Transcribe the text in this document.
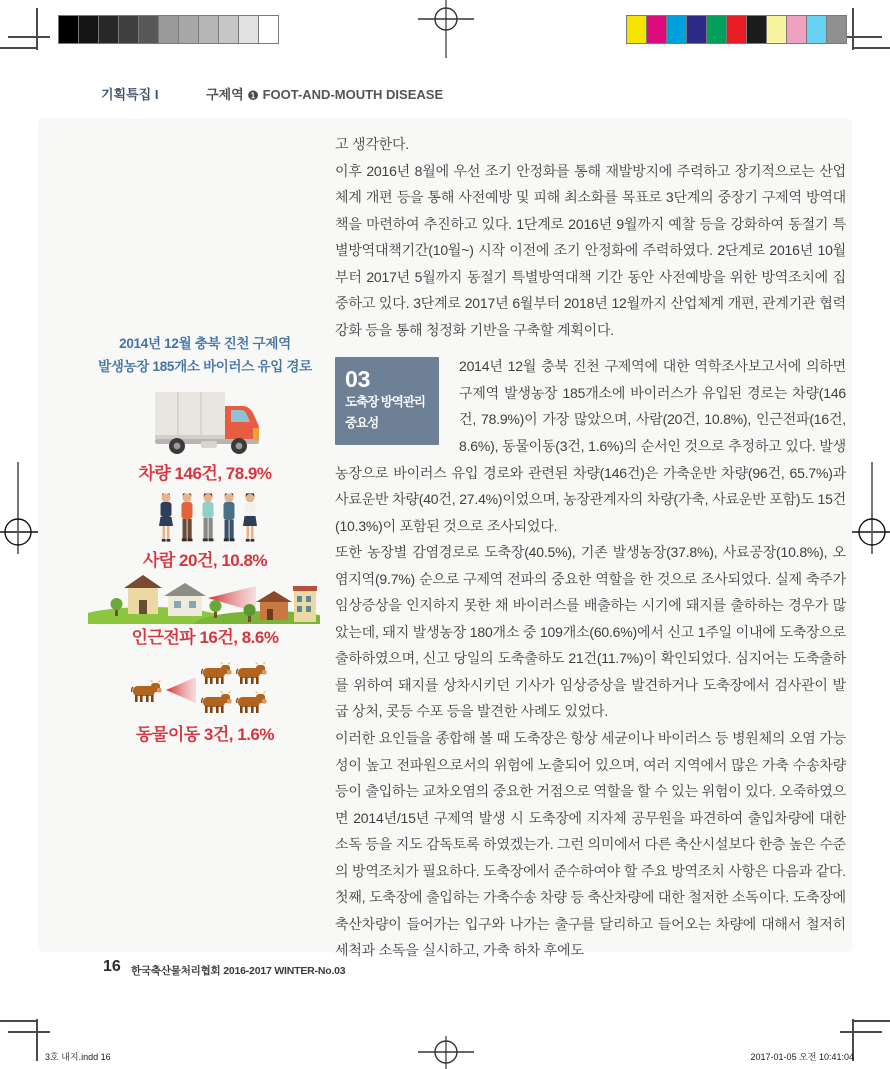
기획특집 I	구제역 ❶ FOOT-AND-MOUTH DISEASE
2014년 12월 충북 진천 구제역
발생농장 185개소 바이러스 유입 경로
차량 146건, 78.9%
사람 20건, 10.8%
인근전파 16건, 8.6%
동물이동 3건, 1.6%

고 생각한다.

이후 2016년 8월에 우선 조기 안정화를 통해 재발방지에 주력하고 장기적으로는 산업체계 개편 등을 통해 사전예방 및 피해 최소화를 목표로 3단계의 중장기 구제역 방역대책을 마련하여 추진하고 있다. 1단계로 2016년 9월까지 예찰 등을 강화하여 동절기 특별방역대책기간(10월~) 시작 이전에 조기 안정화에 주력하였다. 2단계로 2016년 10월부터 2017년 5월까지 동절기 특별방역대책 기간 동안 사전예방을 위한 방역조치에 집중하고 있다. 3단계로 2017년 6월부터 2018년 12월까지 산업체계 개편, 관계기관 협력강화 등을 통해 청정화 기반을 구축할 계획이다.

03
도축장 방역관리
중요성

2014년 12월 충북 진천 구제역에 대한 역학조사보고서에 의하면 구제역 발생농장 185개소에 바이러스가 유입된 경로는 차량(146건, 78.9%)이 가장 많았으며, 사람(20건, 10.8%), 인근전파(16건, 8.6%), 동물이동(3건, 1.6%)의 순서인 것으로 추정하고 있다. 발생농장으로 바이러스 유입 경로와 관련된 차량(146건)은 가축운반 차량(96건, 65.7%)과 사료운반 차량(40건, 27.4%)이었으며, 농장관계자의 차량(가축, 사료운반 포함)도 15건(10.3%)이 포함된 것으로 조사되었다.

또한 농장별 감염경로로 도축장(40.5%), 기존 발생농장(37.8%), 사료공장(10.8%), 오염지역(9.7%) 순으로 구제역 전파의 중요한 역할을 한 것으로 조사되었다. 실제 축주가 임상증상을 인지하지 못한 채 바이러스를 배출하는 시기에 돼지를 출하하는 경우가 많았는데, 돼지 발생농장 180개소 중 109개소(60.6%)에서 신고 1주일 이내에 도축장으로 출하하였으며, 신고 당일의 도축출하도 21건(11.7%)이 확인되었다. 심지어는 도축출하를 위하여 돼지를 상차시키던 기사가 임상증상을 발견하거나 도축장에서 검사관이 발굽 상처, 콧등 수포 등을 발견한 사례도 있었다.

이러한 요인들을 종합해 볼 때 도축장은 항상 세균이나 바이러스 등 병원체의 오염 가능성이 높고 전파원으로서의 위험에 노출되어 있으며, 여러 지역에서 많은 가축 수송차량 등이 출입하는 교차오염의 중요한 거점으로 역할을 할 수 있는 위험이 있다. 오죽하였으면 2014년/15년 구제역 발생 시 도축장에 지자체 공무원을 파견하여 출입차량에 대한 소독 등을 지도 감독토록 하였겠는가. 그런 의미에서 다른 축산시설보다 한층 높은 수준의 방역조치가 필요하다. 도축장에서 준수하여야 할 주요 방역조치 사항은 다음과 같다. 첫째, 도축장에 출입하는 가축수송 차량 등 축산차량에 대한 철저한 소독이다. 도축장에 축산차량이 들어가는 입구와 나가는 출구를 달리하고 들어오는 차량에 대해서 철저히 세척과 소독을 실시하고, 가축 하차 후에도

16 한국축산물처리협회 2016-2017 WINTER-No.03
3호 내지.indd 16	2017-01-05 오전 10:41:04
